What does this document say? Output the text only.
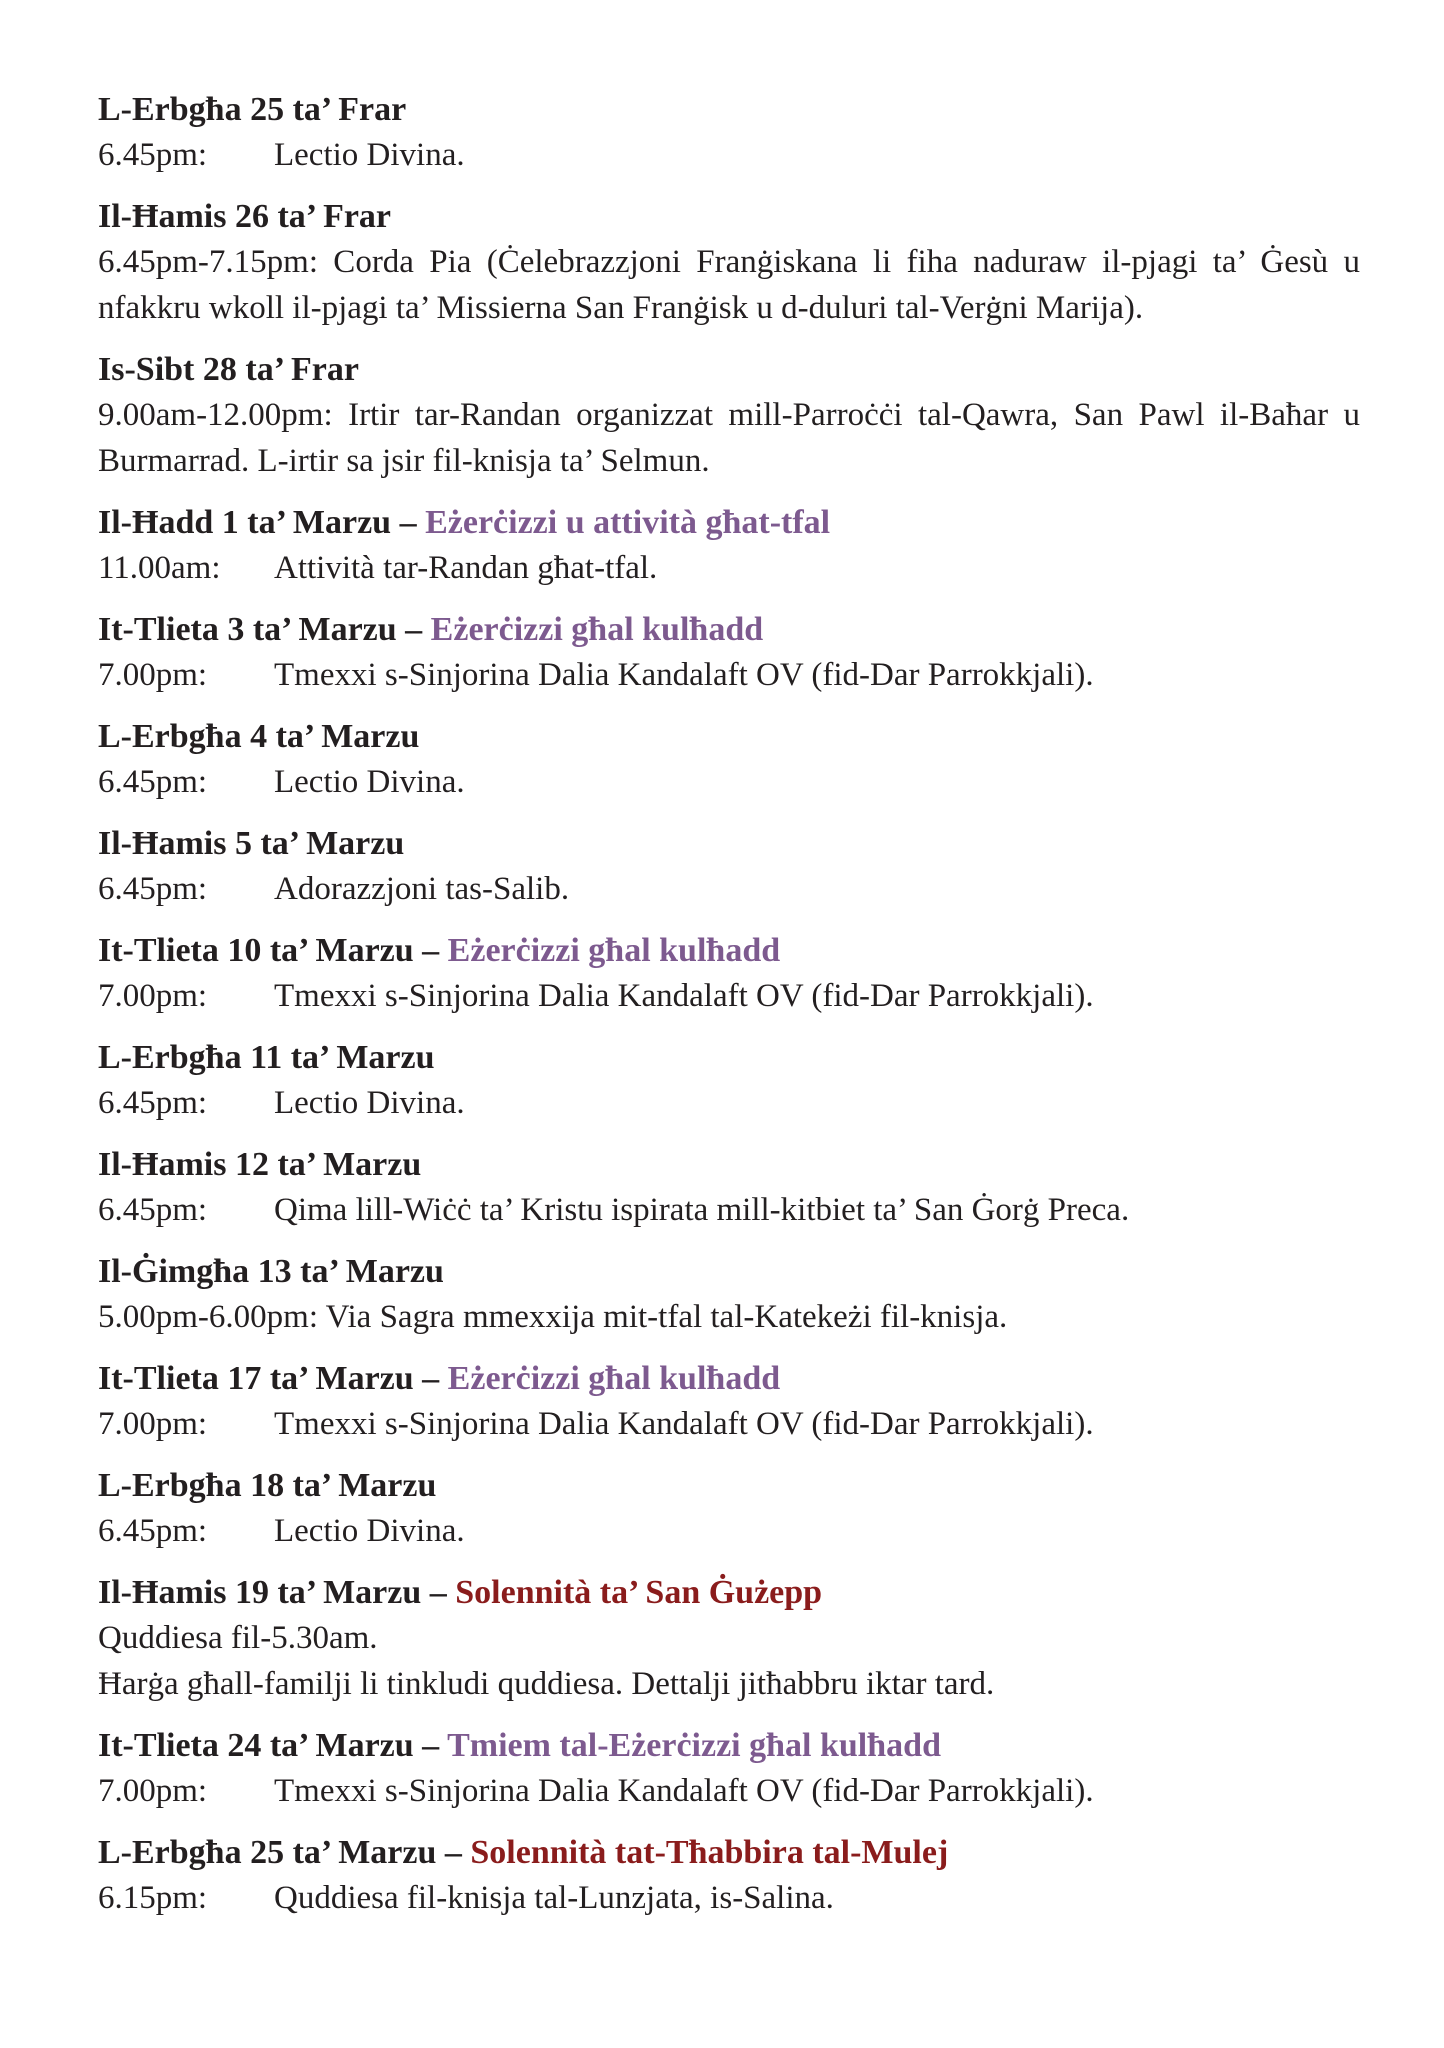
L-Erbgħa 25 ta’ Frar
6.45pm: Lectio Divina.
Il-Ħamis 26 ta’ Frar
6.45pm-7.15pm: Corda Pia (Ċelebrazzjoni Franġiskana li fiha naduraw il-pjagi ta’ Ġesù u nfakkru wkoll il-pjagi ta’ Missierna San Franġisk u d-duluri tal-Verġni Marija).
Is-Sibt 28 ta’ Frar
9.00am-12.00pm: Irtir tar-Randan organizzat mill-Parroċċi tal-Qawra, San Pawl il-Baħar u Burmarrad. L-irtir sa jsir fil-knisja ta’ Selmun.
Il-Ħadd 1 ta’ Marzu – Eżerċizzi u attività għat-tfal
11.00am: Attività tar-Randan għat-tfal.
It-Tlieta 3 ta’ Marzu – Eżerċizzi għal kulħadd
7.00pm: Tmexxi s-Sinjorina Dalia Kandalaft OV (fid-Dar Parrokkjali).
L-Erbgħa 4 ta’ Marzu
6.45pm: Lectio Divina.
Il-Ħamis 5 ta’ Marzu
6.45pm: Adorazzjoni tas-Salib.
It-Tlieta 10 ta’ Marzu – Eżerċizzi għal kulħadd
7.00pm: Tmexxi s-Sinjorina Dalia Kandalaft OV (fid-Dar Parrokkjali).
L-Erbgħa 11 ta’ Marzu
6.45pm: Lectio Divina.
Il-Ħamis 12 ta’ Marzu
6.45pm: Qima lill-Wiċċ ta’ Kristu ispirata mill-kitbiet ta’ San Ġorġ Preca.
Il-Ġimgħa 13 ta’ Marzu
5.00pm-6.00pm: Via Sagra mmexxija mit-tfal tal-Katekeżi fil-knisja.
It-Tlieta 17 ta’ Marzu – Eżerċizzi għal kulħadd
7.00pm: Tmexxi s-Sinjorina Dalia Kandalaft OV (fid-Dar Parrokkjali).
L-Erbgħa 18 ta’ Marzu
6.45pm: Lectio Divina.
Il-Ħamis 19 ta’ Marzu – Solennità ta’ San Ġużepp
Quddiesa fil-5.30am.
Ħarġa għall-familji li tinkludi quddiesa. Dettalji jitħabbru iktar tard.
It-Tlieta 24 ta’ Marzu – Tmiem tal-Eżerċizzi għal kulħadd
7.00pm: Tmexxi s-Sinjorina Dalia Kandalaft OV (fid-Dar Parrokkjali).
L-Erbgħa 25 ta’ Marzu – Solennità tat-Tħabbira tal-Mulej
6.15pm: Quddiesa fil-knisja tal-Lunzjata, is-Salina.
